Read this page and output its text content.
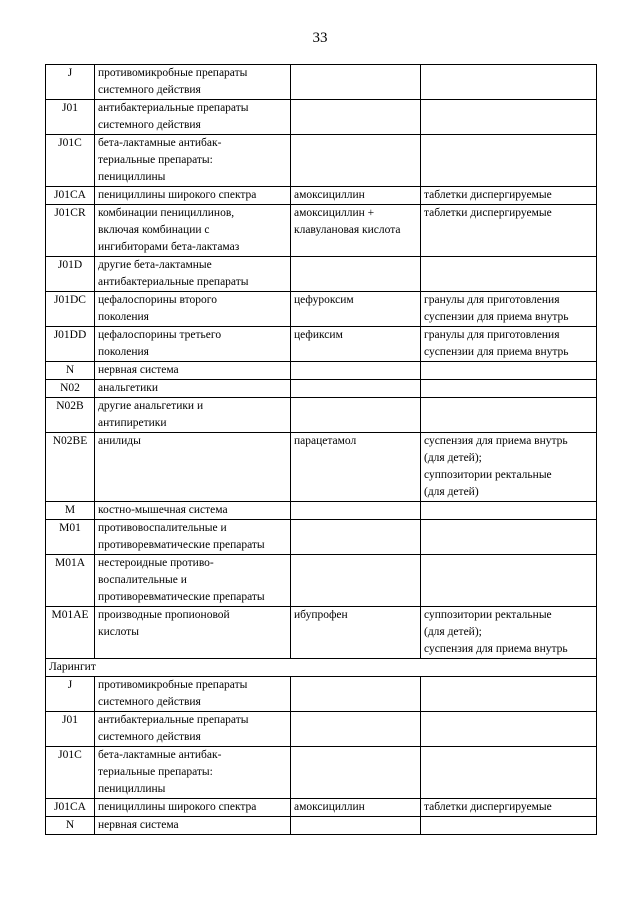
33
J	противомикробные препараты
системного действия		

J01	антибактериальные препараты
системного действия		

J01C	бета-лактамные антибак-
териальные препараты:
пенициллины		

J01CA	пенициллины широкого спектра	амоксициллин	таблетки диспергируемые

J01CR	комбинации пенициллинов,
включая комбинации с
ингибиторами бета-лактамаз	амоксициллин +
клавулановая кислота	таблетки диспергируемые

J01D	другие бета-лактамные
антибактериальные препараты		

J01DC	цефалоспорины второго
поколения	цефуроксим	гранулы для приготовления
суспензии для приема внутрь

J01DD	цефалоспорины третьего
поколения	цефиксим	гранулы для приготовления
суспензии для приема внутрь

N	нервная система		

N02	анальгетики		

N02B	другие анальгетики и
антипиретики		

N02BE	анилиды	парацетамол	суспензия для приема внутрь
(для детей);
суппозитории ректальные
(для детей)

M	костно-мышечная система		

M01	противовоспалительные и
противоревматические препараты		

M01A	нестероидные противо-
воспалительные и
противоревматические препараты		

M01AE	производные пропионовой
кислоты	ибупрофен	суппозитории ректальные
(для детей);
суспензия для приема внутрь

Ларингит			
J	противомикробные препараты
системного действия		

J01	антибактериальные препараты
системного действия		

J01C	бета-лактамные антибак-
териальные препараты:
пенициллины		

J01CA	пенициллины широкого спектра	амоксициллин	таблетки диспергируемые

N	нервная система		
